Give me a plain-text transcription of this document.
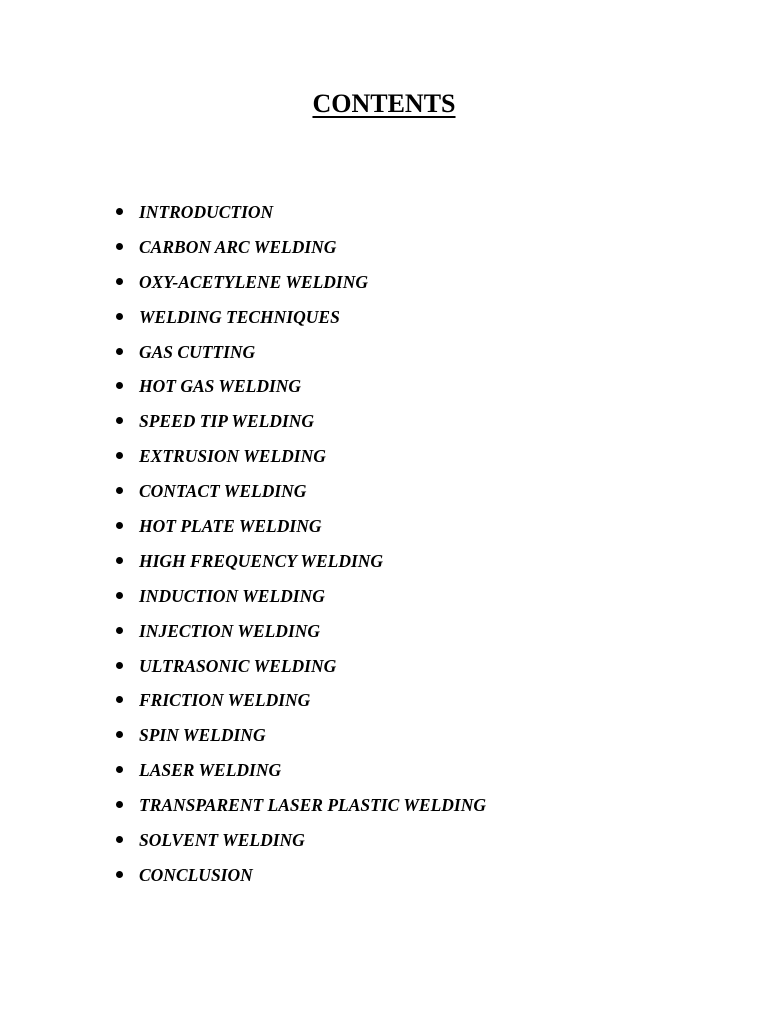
CONTENTS
INTRODUCTION
CARBON ARC WELDING
OXY-ACETYLENE WELDING
WELDING TECHNIQUES
GAS CUTTING
HOT GAS WELDING
SPEED TIP WELDING
EXTRUSION WELDING
CONTACT WELDING
HOT PLATE WELDING
HIGH FREQUENCY WELDING
INDUCTION WELDING
INJECTION WELDING
ULTRASONIC WELDING
FRICTION WELDING
SPIN WELDING
LASER WELDING
TRANSPARENT LASER PLASTIC WELDING
SOLVENT WELDING
CONCLUSION
